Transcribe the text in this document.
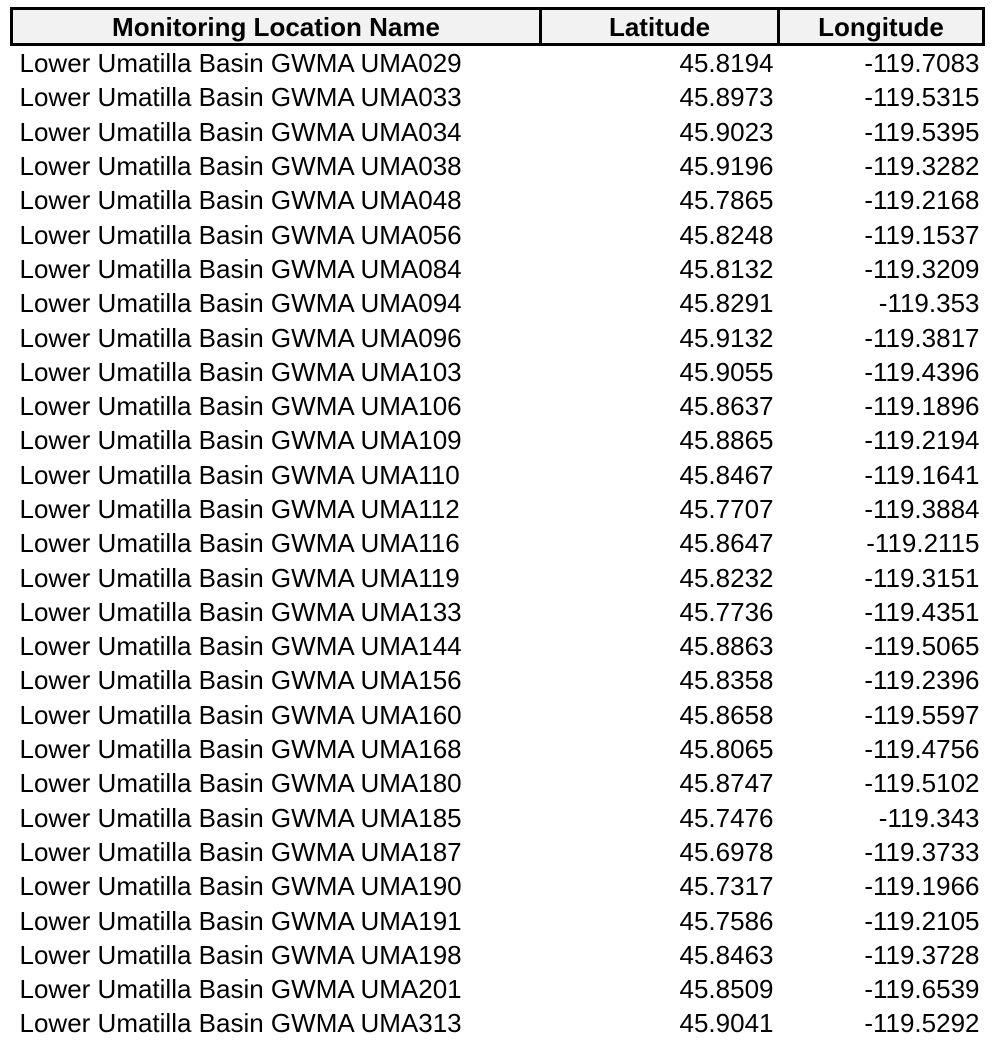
Monitoring Location Name	Latitude	Longitude
Lower Umatilla Basin GWMA UMA029	45.8194	-119.7083
Lower Umatilla Basin GWMA UMA033	45.8973	-119.5315
Lower Umatilla Basin GWMA UMA034	45.9023	-119.5395
Lower Umatilla Basin GWMA UMA038	45.9196	-119.3282
Lower Umatilla Basin GWMA UMA048	45.7865	-119.2168
Lower Umatilla Basin GWMA UMA056	45.8248	-119.1537
Lower Umatilla Basin GWMA UMA084	45.8132	-119.3209
Lower Umatilla Basin GWMA UMA094	45.8291	-119.353
Lower Umatilla Basin GWMA UMA096	45.9132	-119.3817
Lower Umatilla Basin GWMA UMA103	45.9055	-119.4396
Lower Umatilla Basin GWMA UMA106	45.8637	-119.1896
Lower Umatilla Basin GWMA UMA109	45.8865	-119.2194
Lower Umatilla Basin GWMA UMA110	45.8467	-119.1641
Lower Umatilla Basin GWMA UMA112	45.7707	-119.3884
Lower Umatilla Basin GWMA UMA116	45.8647	-119.2115
Lower Umatilla Basin GWMA UMA119	45.8232	-119.3151
Lower Umatilla Basin GWMA UMA133	45.7736	-119.4351
Lower Umatilla Basin GWMA UMA144	45.8863	-119.5065
Lower Umatilla Basin GWMA UMA156	45.8358	-119.2396
Lower Umatilla Basin GWMA UMA160	45.8658	-119.5597
Lower Umatilla Basin GWMA UMA168	45.8065	-119.4756
Lower Umatilla Basin GWMA UMA180	45.8747	-119.5102
Lower Umatilla Basin GWMA UMA185	45.7476	-119.343
Lower Umatilla Basin GWMA UMA187	45.6978	-119.3733
Lower Umatilla Basin GWMA UMA190	45.7317	-119.1966
Lower Umatilla Basin GWMA UMA191	45.7586	-119.2105
Lower Umatilla Basin GWMA UMA198	45.8463	-119.3728
Lower Umatilla Basin GWMA UMA201	45.8509	-119.6539
Lower Umatilla Basin GWMA UMA313	45.9041	-119.5292
